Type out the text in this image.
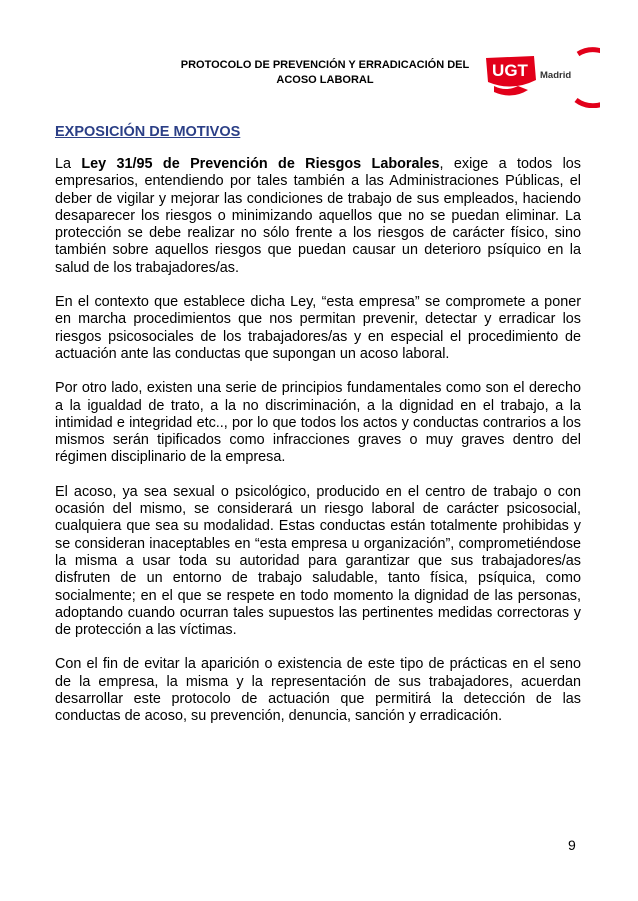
PROTOCOLO DE PREVENCIÓN Y ERRADICACIÓN DEL
ACOSO LABORAL	UGT Madrid
EXPOSICIÓN DE MOTIVOS

La Ley 31/95 de Prevención de Riesgos Laborales, exige a todos los empresarios, entendiendo por tales también a las Administraciones Públicas, el deber de vigilar y mejorar las condiciones de trabajo de sus empleados, haciendo desaparecer los riesgos o minimizando aquellos que no se puedan eliminar. La protección se debe realizar no sólo frente a los riesgos de carácter físico, sino también sobre aquellos riesgos que puedan causar un deterioro psíquico en la salud de los trabajadores/as.

En el contexto que establece dicha Ley, “esta empresa” se compromete a poner en marcha procedimientos que nos permitan prevenir, detectar y erradicar los riesgos psicosociales de los trabajadores/as y en especial el procedimiento de actuación ante las conductas que supongan un acoso laboral.

Por otro lado, existen una serie de principios fundamentales como son el derecho a la igualdad de trato, a la no discriminación, a la dignidad en el trabajo, a la intimidad e integridad etc.., por lo que todos los actos y conductas contrarios a los mismos serán tipificados como infracciones graves o muy graves dentro del régimen disciplinario de la empresa.

El acoso, ya sea sexual o psicológico, producido en el centro de trabajo o con ocasión del mismo, se considerará un riesgo laboral de carácter psicosocial, cualquiera que sea su modalidad. Estas conductas están totalmente prohibidas y se consideran inaceptables en “esta empresa u organización”, comprometiéndose la misma a usar toda su autoridad para garantizar que sus trabajadores/as disfruten de un entorno de trabajo saludable, tanto física, psíquica, como socialmente; en el que se respete en todo momento la dignidad de las personas, adoptando cuando ocurran tales supuestos las pertinentes medidas correctoras y de protección a las víctimas.

Con el fin de evitar la aparición o existencia de este tipo de prácticas en el seno de la empresa, la misma y la representación de sus trabajadores, acuerdan desarrollar este protocolo de actuación que permitirá la detección de las conductas de acoso, su prevención, denuncia, sanción y erradicación.

9
